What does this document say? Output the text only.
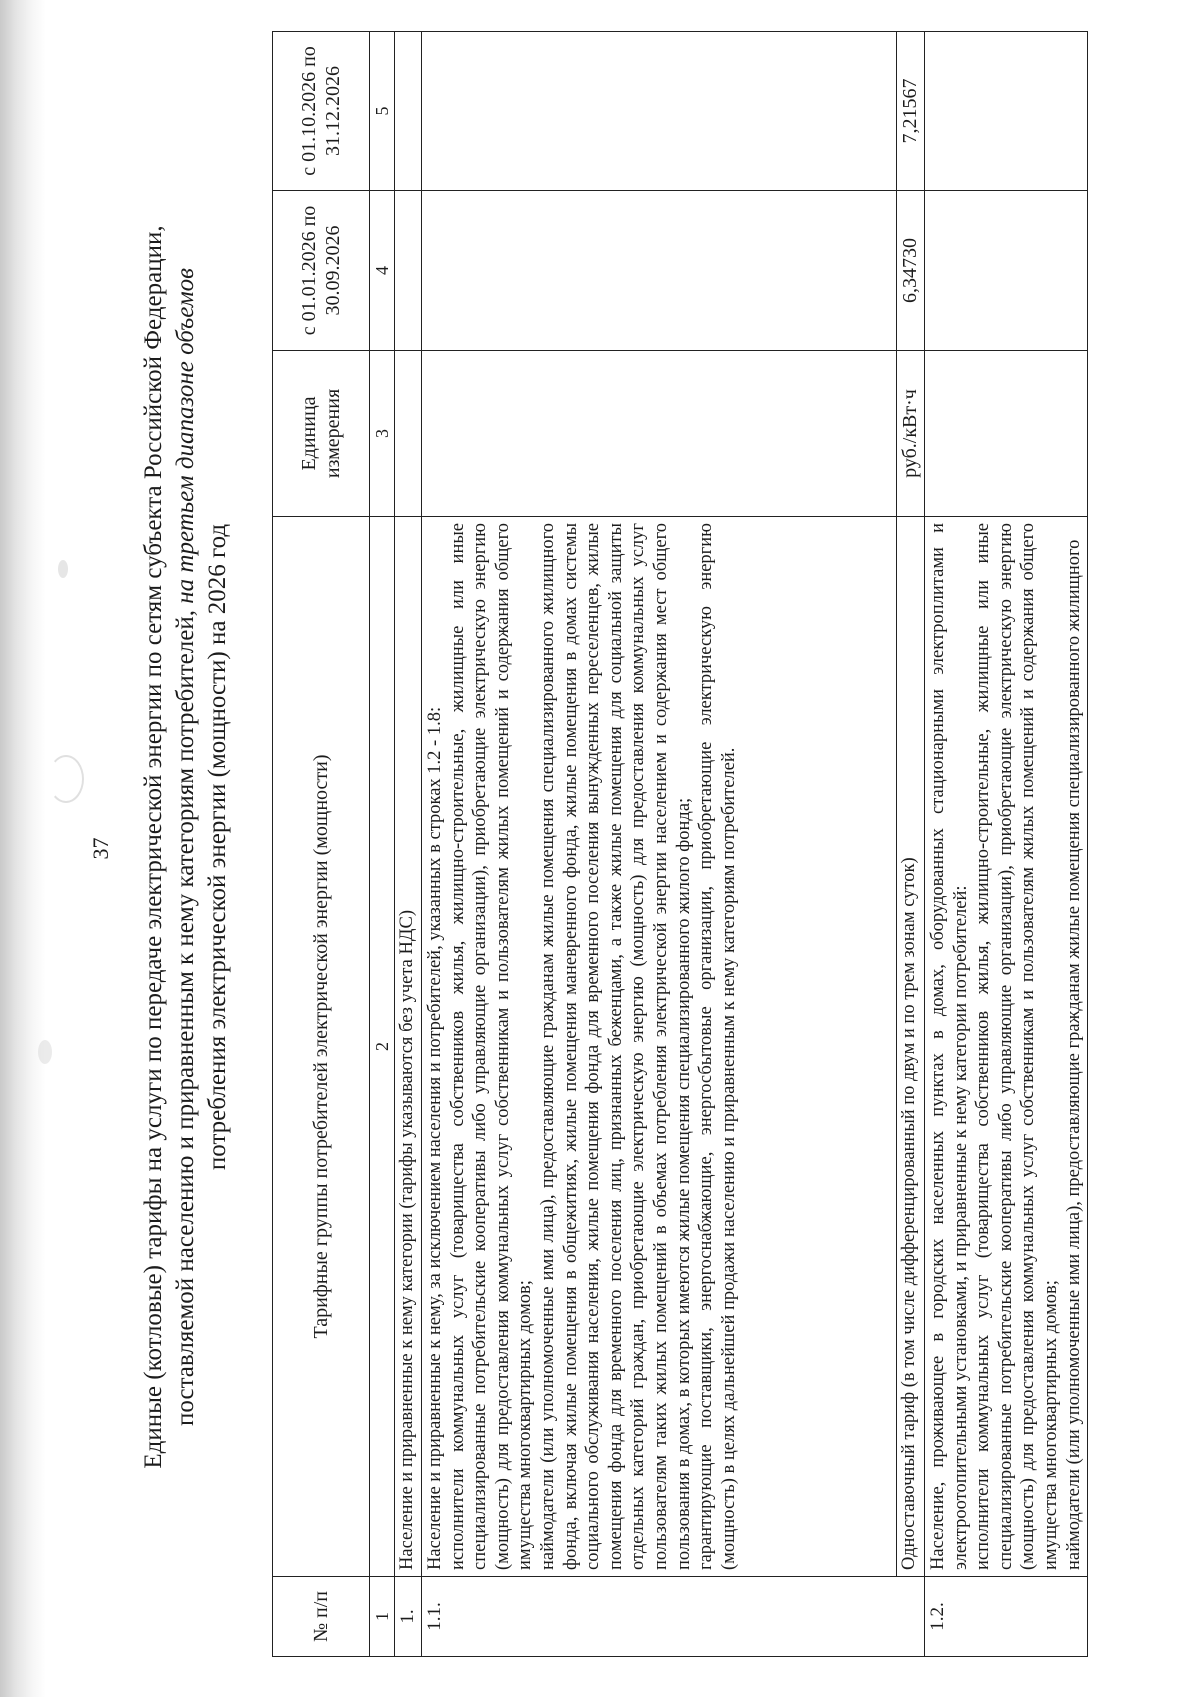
37 Единые (котловые) тарифы на услуги по передаче электрической энергии по сетям субъекта Российской Федерации, поставляемой населению и приравненным к нему категориям потребителей, на третьем диапазоне объемов
потребления электрической энергии (мощности) на 2026 год
№ п/п	Тарифные группы потребителей электрической энергии (мощности)	Единица измерения	с 01.01.2026 по 30.09.2026	с 01.10.2026 по 31.12.2026
1	2	3	4	5
1.	Население и приравненные к нему категории (тарифы указываются без учета НДС)			
1.1.	Население и приравненные к нему, за исключением населения и потребителей, указанных в строках 1.2 - 1.8: исполнители коммунальных услуг (товарищества собственников жилья, жилищно-строительные, жилищные или иные специализированные потребительские кооперативы либо управляющие организации), приобретающие электрическую энергию (мощность) для предоставления коммунальных услуг собственникам и пользователям жилых помещений и содержания общего имущества многоквартирных домов; наймодатели (или уполномоченные ими лица), предоставляющие гражданам жилые помещения специализированного жилищного фонда, включая жилые помещения в общежитиях, жилые помещения маневренного фонда, жилые помещения в домах системы социального обслуживания населения, жилые помещения фонда для временного поселения вынужденных переселенцев, жилые помещения фонда для временного поселения лиц, признанных беженцами, а также жилые помещения для социальной защиты отдельных категорий граждан, приобретающие электрическую энергию (мощность) для предоставления коммунальных услуг пользователям таких жилых помещений в объемах потребления электрической энергии населением и содержания мест общего пользования в домах, в которых имеются жилые помещения специализированного жилого фонда; гарантирующие поставщики, энергоснабжающие, энергосбытовые организации, приобретающие электрическую энергию (мощность) в целях дальнейшей продажи населению и приравненным к нему категориям потребителей.			

	Одноставочный тариф (в том числе дифференцированный по двум и по трем зонам суток)	руб./кВт·ч	6,34730	7,21567
1.2.	Население, проживающее в городских населенных пунктах в домах, оборудованных стационарными электроплитами и электроотопительными установками, и приравненные к нему категории потребителей: исполнители коммунальных услуг (товарищества собственников жилья, жилищно-строительные, жилищные или иные специализированные потребительские кооперативы либо управляющие организации), приобретающие электрическую энергию (мощность) для предоставления коммунальных услуг собственникам и пользователям жилых помещений и содержания общего имущества многоквартирных домов; наймодатели (или уполномоченные ими лица), предоставляющие гражданам жилые помещения специализированного жилищного			
